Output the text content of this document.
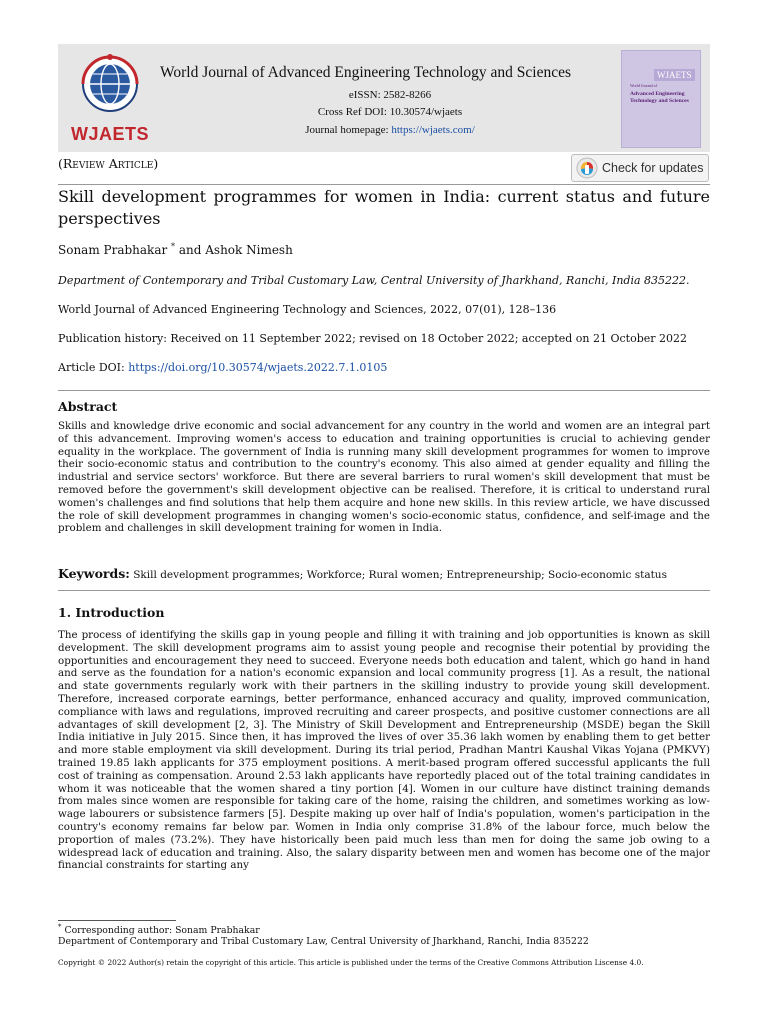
WJAETS
World Journal of Advanced Engineering Technology and Sciences
eISSN: 2582-8266
Cross Ref DOI: 10.30574/wjaets
Journal homepage: https://wjaets.com/
WJAETS
World Journal of
Advanced Engineering Technology and Sciences
(Review Article)	Check for updates
Skill development programmes for women in India: current status and future perspectives
Sonam Prabhakar * and Ashok Nimesh
Department of Contemporary and Tribal Customary Law, Central University of Jharkhand, Ranchi, India 835222.
World Journal of Advanced Engineering Technology and Sciences, 2022, 07(01), 128–136
Publication history: Received on 11 September 2022; revised on 18 October 2022; accepted on 21 October 2022
Article DOI: https://doi.org/10.30574/wjaets.2022.7.1.0105
Abstract
Skills and knowledge drive economic and social advancement for any country in the world and women are an integral part of this advancement. Improving women's access to education and training opportunities is crucial to achieving gender equality in the workplace. The government of India is running many skill development programmes for women to improve their socio-economic status and contribution to the country's economy. This also aimed at gender equality and filling the industrial and service sectors' workforce. But there are several barriers to rural women's skill development that must be removed before the government's skill development objective can be realised. Therefore, it is critical to understand rural women's challenges and find solutions that help them acquire and hone new skills. In this review article, we have discussed the role of skill development programmes in changing women's socio-economic status, confidence, and self-image and the problem and challenges in skill development training for women in India.
Keywords: Skill development programmes; Workforce; Rural women; Entrepreneurship; Socio-economic status
1. Introduction
The process of identifying the skills gap in young people and filling it with training and job opportunities is known as skill development. The skill development programs aim to assist young people and recognise their potential by providing the opportunities and encouragement they need to succeed. Everyone needs both education and talent, which go hand in hand and serve as the foundation for a nation's economic expansion and local community progress [1]. As a result, the national and state governments regularly work with their partners in the skilling industry to provide young skill development. Therefore, increased corporate earnings, better performance, enhanced accuracy and quality, improved communication, compliance with laws and regulations, improved recruiting and career prospects, and positive customer connections are all advantages of skill development [2, 3]. The Ministry of Skill Development and Entrepreneurship (MSDE) began the Skill India initiative in July 2015. Since then, it has improved the lives of over 35.36 lakh women by enabling them to get better and more stable employment via skill development. During its trial period, Pradhan Mantri Kaushal Vikas Yojana (PMKVY) trained 19.85 lakh applicants for 375 employment positions. A merit-based program offered successful applicants the full cost of training as compensation. Around 2.53 lakh applicants have reportedly placed out of the total training candidates in whom it was noticeable that the women shared a tiny portion [4]. Women in our culture have distinct training demands from males since women are responsible for taking care of the home, raising the children, and sometimes working as low-wage labourers or subsistence farmers [5]. Despite making up over half of India's population, women's participation in the country's economy remains far below par. Women in India only comprise 31.8% of the labour force, much below the proportion of males (73.2%). They have historically been paid much less than men for doing the same job owing to a widespread lack of education and training. Also, the salary disparity between men and women has become one of the major financial constraints for starting any
* Corresponding author: Sonam Prabhakar
Department of Contemporary and Tribal Customary Law, Central University of Jharkhand, Ranchi, India 835222
Copyright © 2022 Author(s) retain the copyright of this article. This article is published under the terms of the Creative Commons Attribution Liscense 4.0.
